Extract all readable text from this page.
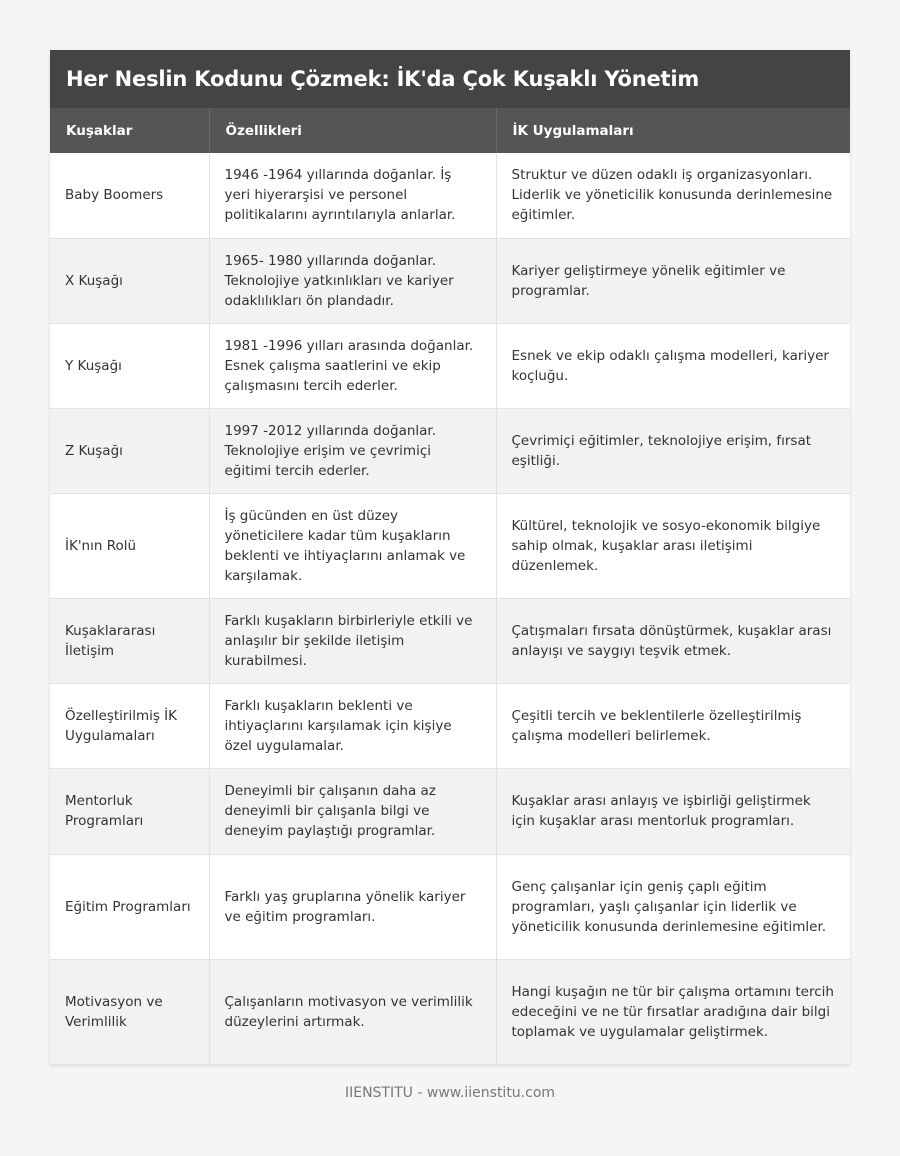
Her Neslin Kodunu Çözmek: İK'da Çok Kuşaklı Yönetim
Kuşaklar	Özellikleri	İK Uygulamaları
Baby Boomers	1946 -1964 yıllarında doğanlar. İş yeri hiyerarşisi ve personel politikalarını ayrıntılarıyla anlarlar.	Struktur ve düzen odaklı iş organizasyonları. Liderlik ve yöneticilik konusunda derinlemesine eğitimler.
X Kuşağı	1965- 1980 yıllarında doğanlar. Teknolojiye yatkınlıkları ve kariyer odaklılıkları ön plandadır.	Kariyer geliştirmeye yönelik eğitimler ve programlar.
Y Kuşağı	1981 -1996 yılları arasında doğanlar. Esnek çalışma saatlerini ve ekip çalışmasını tercih ederler.	Esnek ve ekip odaklı çalışma modelleri, kariyer koçluğu.
Z Kuşağı	1997 -2012 yıllarında doğanlar. Teknolojiye erişim ve çevrimiçi eğitimi tercih ederler.	Çevrimiçi eğitimler, teknolojiye erişim, fırsat eşitliği.
İK'nın Rolü	İş gücünden en üst düzey yöneticilere kadar tüm kuşakların beklenti ve ihtiyaçlarını anlamak ve karşılamak.	Kültürel, teknolojik ve sosyo-ekonomik bilgiye sahip olmak, kuşaklar arası iletişimi düzenlemek.
Kuşaklararası İletişim	Farklı kuşakların birbirleriyle etkili ve anlaşılır bir şekilde iletişim kurabilmesi.	Çatışmaları fırsata dönüştürmek, kuşaklar arası anlayışı ve saygıyı teşvik etmek.
Özelleştirilmiş İK Uygulamaları	Farklı kuşakların beklenti ve ihtiyaçlarını karşılamak için kişiye özel uygulamalar.	Çeşitli tercih ve beklentilerle özelleştirilmiş çalışma modelleri belirlemek.
Mentorluk Programları	Deneyimli bir çalışanın daha az deneyimli bir çalışanla bilgi ve deneyim paylaştığı programlar.	Kuşaklar arası anlayış ve işbirliği geliştirmek için kuşaklar arası mentorluk programları.
Eğitim Programları	Farklı yaş gruplarına yönelik kariyer ve eğitim programları.	Genç çalışanlar için geniş çaplı eğitim programları, yaşlı çalışanlar için liderlik ve yöneticilik konusunda derinlemesine eğitimler.
Motivasyon ve Verimlilik	Çalışanların motivasyon ve verimlilik düzeylerini artırmak.	Hangi kuşağın ne tür bir çalışma ortamını tercih edeceğini ve ne tür fırsatlar aradığına dair bilgi toplamak ve uygulamalar geliştirmek.
IIENSTITU - www.iienstitu.com
